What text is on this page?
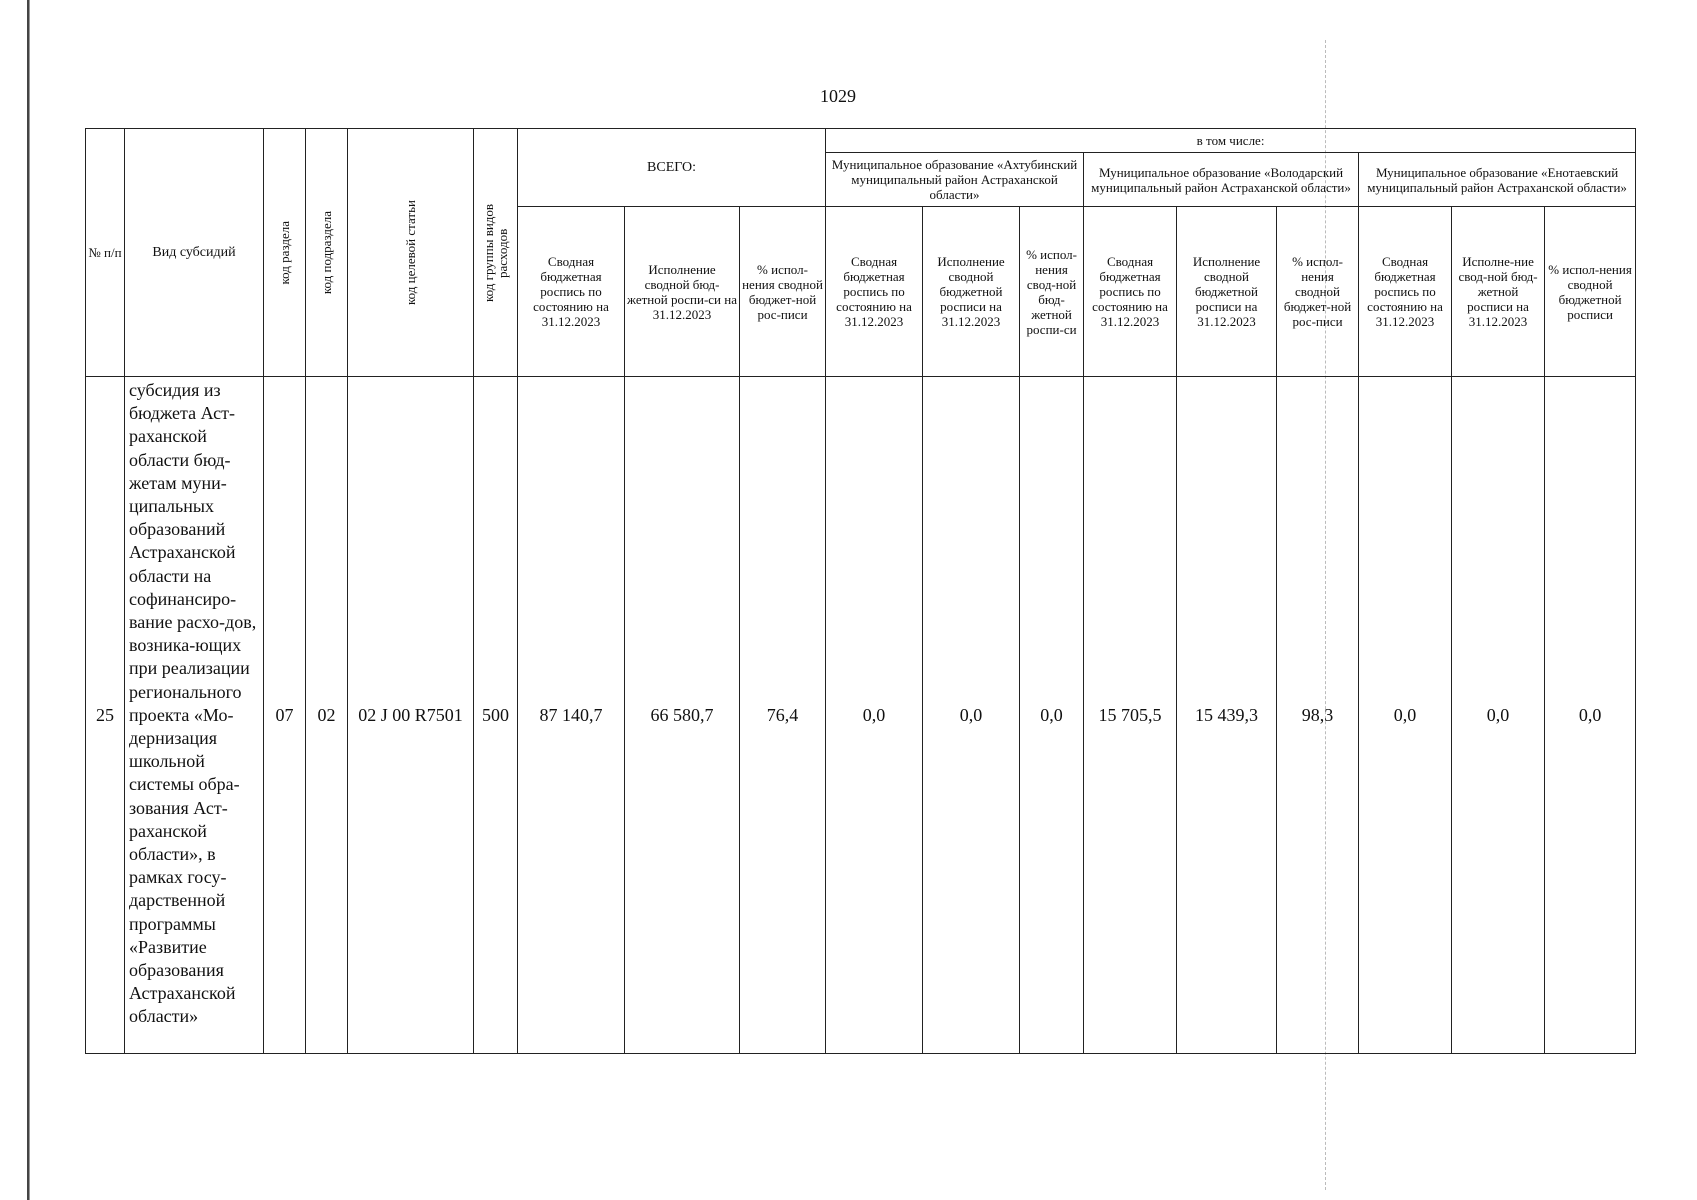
1029
№ п/п	Вид субсидий	код раздела	код подраздела	код целевой статьи	код группы видов расходов	ВСЕГО:			в том числе:								
									Муниципальное образование «Ахтубинский муниципальный район Астраханской области»			Муниципальное образование «Володарский муниципальный район Астраханской области»			Муниципальное образование «Енотаевский муниципальный район Астраханской области»		
						Сводная бюджетная роспись по состоянию на 31.12.2023	Исполнение сводной бюд-жетной роспи-си на 31.12.2023	% испол-нения сводной бюджет-ной рос-писи	Сводная бюджетная роспись по состоянию на 31.12.2023	Исполнение сводной бюджетной росписи на 31.12.2023	% испол-нения свод-ной бюд-жетной роспи-си	Сводная бюджетная роспись по состоянию на 31.12.2023	Исполнение сводной бюджетной росписи на 31.12.2023	% испол-нения сводной бюджет-ной рос-писи	Сводная бюджетная роспись по состоянию на 31.12.2023	Исполне-ние свод-ной бюд-жетной росписи на 31.12.2023	% испол-нения сводной бюджетной росписи
25	субсидия из бюджета Аст-раханской области бюд-жетам муни-ципальных образований Астраханской области на софинансиро-вание расхо-дов, возника-ющих при реализации регионального проекта «Мо-дернизация школьной системы обра-зования Аст-раханской области», в рамках госу-дарственной программы «Развитие образования Астраханской области»	07	02	02 J 00 R7501	500	87 140,7	66 580,7	76,4	0,0	0,0	0,0	15 705,5	15 439,3	98,3	0,0	0,0	0,0
